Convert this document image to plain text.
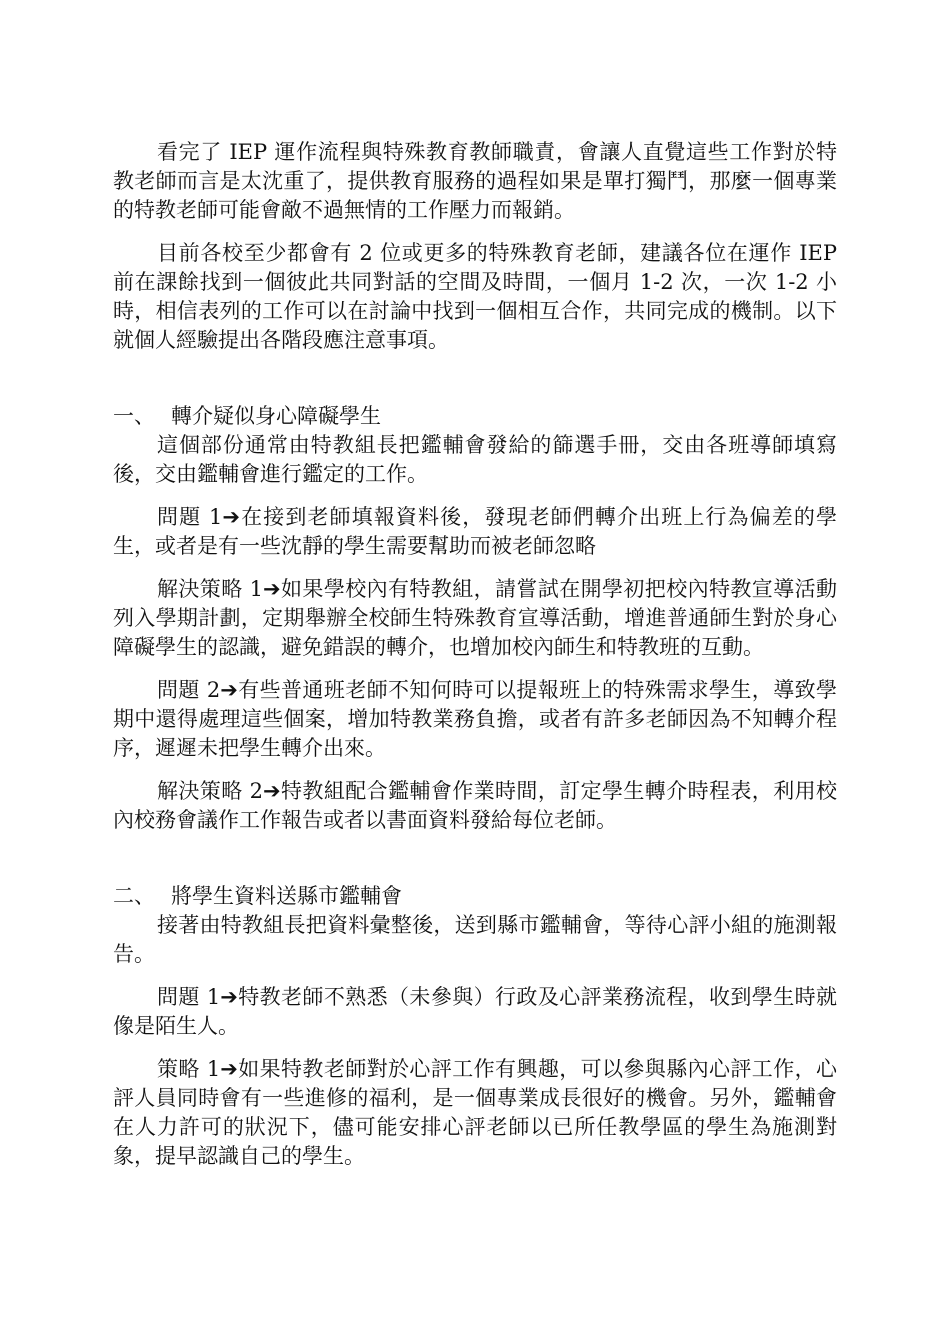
看完了 IEP 運作流程與特殊教育教師職責，會讓人直覺這些工作對於特教老師而言是太沈重了，提供教育服務的過程如果是單打獨鬥，那麼一個專業的特教老師可能會敵不過無情的工作壓力而報銷。

目前各校至少都會有 2 位或更多的特殊教育老師，建議各位在運作 IEP 前在課餘找到一個彼此共同對話的空間及時間，一個月 1-2 次，一次 1-2 小時，相信表列的工作可以在討論中找到一個相互合作，共同完成的機制。以下就個人經驗提出各階段應注意事項。

一、 轉介疑似身心障礙學生

這個部份通常由特教組長把鑑輔會發給的篩選手冊，交由各班導師填寫後，交由鑑輔會進行鑑定的工作。

問題 1➔在接到老師填報資料後，發現老師們轉介出班上行為偏差的學生，或者是有一些沈靜的學生需要幫助而被老師忽略

解決策略 1➔如果學校內有特教組，請嘗試在開學初把校內特教宣導活動列入學期計劃，定期舉辦全校師生特殊教育宣導活動，增進普通師生對於身心障礙學生的認識，避免錯誤的轉介，也增加校內師生和特教班的互動。

問題 2➔有些普通班老師不知何時可以提報班上的特殊需求學生，導致學期中還得處理這些個案，增加特教業務負擔，或者有許多老師因為不知轉介程序，遲遲未把學生轉介出來。

解決策略 2➔特教組配合鑑輔會作業時間，訂定學生轉介時程表，利用校內校務會議作工作報告或者以書面資料發給每位老師。

二、 將學生資料送縣市鑑輔會

接著由特教組長把資料彙整後，送到縣市鑑輔會，等待心評小組的施測報告。

問題 1➔特教老師不熟悉（未參與）行政及心評業務流程，收到學生時就像是陌生人。

策略 1➔如果特教老師對於心評工作有興趣，可以參與縣內心評工作，心評人員同時會有一些進修的福利，是一個專業成長很好的機會。另外，鑑輔會在人力許可的狀況下，儘可能安排心評老師以已所任教學區的學生為施測對象，提早認識自己的學生。
